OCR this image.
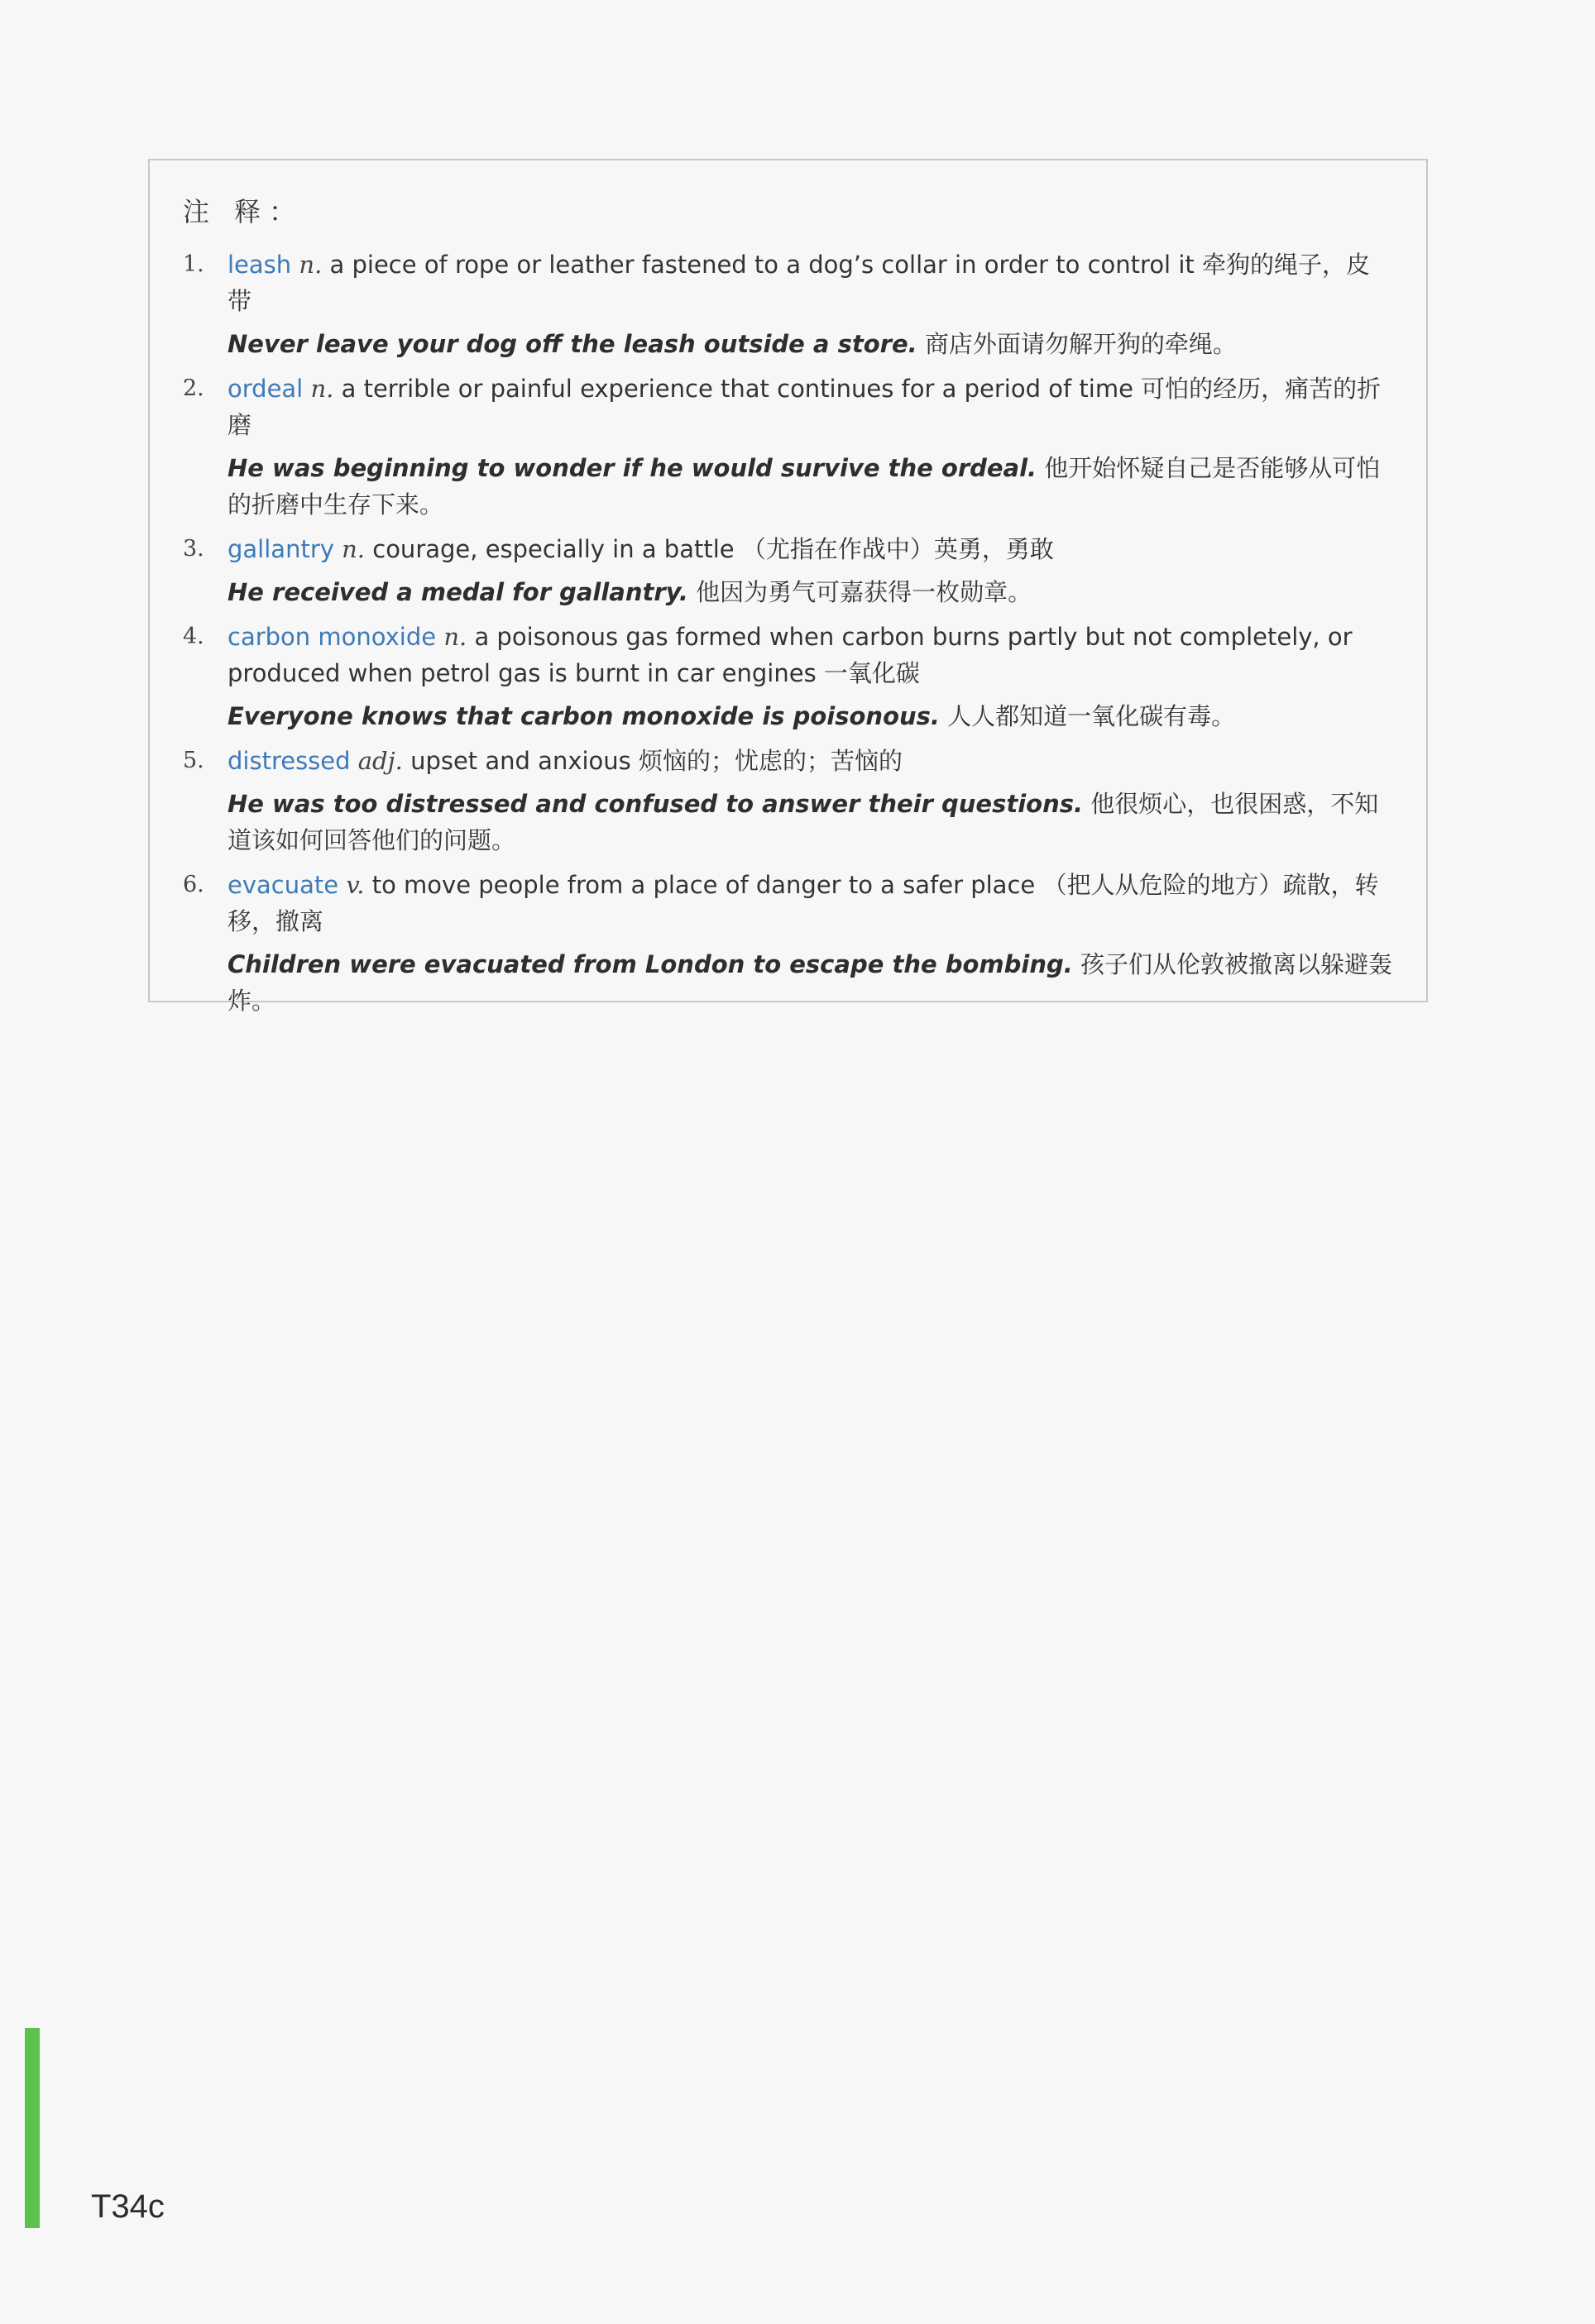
注 释：
1. leash n. a piece of rope or leather fastened to a dog’s collar in order to control it 牵狗的绳子，皮带

Never leave your dog off the leash outside a store. 商店外面请勿解开狗的牵绳。

2. ordeal n. a terrible or painful experience that continues for a period of time 可怕的经历，痛苦的折磨

He was beginning to wonder if he would survive the ordeal. 他开始怀疑自己是否能够从可怕的折磨中生存下来。

3. gallantry n. courage, especially in a battle （尤指在作战中）英勇，勇敢

He received a medal for gallantry. 他因为勇气可嘉获得一枚勋章。

4. carbon monoxide n. a poisonous gas formed when carbon burns partly but not completely, or produced when petrol gas is burnt in car engines 一氧化碳

Everyone knows that carbon monoxide is poisonous. 人人都知道一氧化碳有毒。

5. distressed adj. upset and anxious 烦恼的；忧虑的；苦恼的

He was too distressed and confused to answer their questions. 他很烦心，也很困惑，不知道该如何回答他们的问题。

6. evacuate v. to move people from a place of danger to a safer place （把人从危险的地方）疏散，转移，撤离

Children were evacuated from London to escape the bombing. 孩子们从伦敦被撤离以躲避轰炸。

T34c
